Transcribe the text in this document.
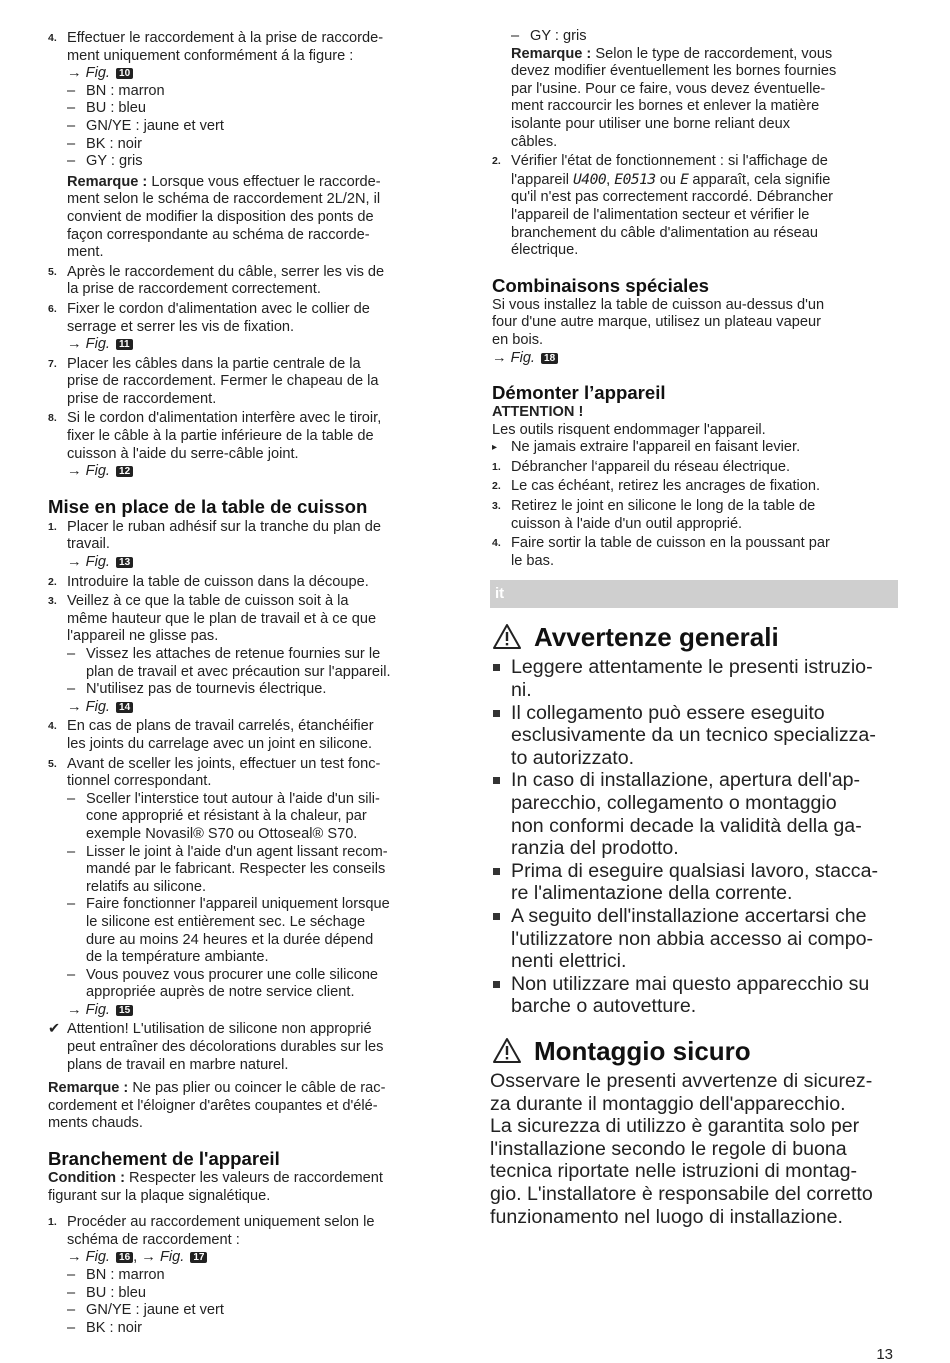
4. Effectuer le raccordement à la prise de raccorde-
ment uniquement conformément á la figure :
→ Fig. 10
– BN : marron
– BU : bleu
– GN/YE : jaune et vert
– BK : noir
– GY : gris
Remarque : Lorsque vous effectuer le raccorde-
ment selon le schéma de raccordement 2L/2N, il
convient de modifier la disposition des ponts de
façon correspondante au schéma de raccorde-
ment.
5. Après le raccordement du câble, serrer les vis de
la prise de raccordement correctement.
6. Fixer le cordon d'alimentation avec le collier de
serrage et serrer les vis de fixation.
→ Fig. 11
7. Placer les câbles dans la partie centrale de la
prise de raccordement. Fermer le chapeau de la
prise de raccordement.
8. Si le cordon d'alimentation interfère avec le tiroir,
fixer le câble à la partie inférieure de la table de
cuisson à l'aide du serre-câble joint.
→ Fig. 12
Mise en place de la table de cuisson
1. Placer le ruban adhésif sur la tranche du plan de
travail.
→ Fig. 13
2. Introduire la table de cuisson dans la découpe.
3. Veillez à ce que la table de cuisson soit à la
même hauteur que le plan de travail et à ce que
l'appareil ne glisse pas.
– Vissez les attaches de retenue fournies sur le
plan de travail et avec précaution sur l'appareil.
– N'utilisez pas de tournevis électrique.
→ Fig. 14
4. En cas de plans de travail carrelés, étanchéifier
les joints du carrelage avec un joint en silicone.
5. Avant de sceller les joints, effectuer un test fonc-
tionnel correspondant.
– Sceller l'interstice tout autour à l'aide d'un sili-
cone approprié et résistant à la chaleur, par
exemple Novasil® S70 ou Ottoseal® S70.
– Lisser le joint à l'aide d'un agent lissant recom-
mandé par le fabricant. Respecter les conseils
relatifs au silicone.
– Faire fonctionner l'appareil uniquement lorsque
le silicone est entièrement sec. Le séchage
dure au moins 24 heures et la durée dépend
de la température ambiante.
– Vous pouvez vous procurer une colle silicone
appropriée auprès de notre service client.
→ Fig. 15
✔ Attention! L'utilisation de silicone non approprié
peut entraîner des décolorations durables sur les
plans de travail en marbre naturel.
Remarque : Ne pas plier ou coincer le câble de rac-
cordement et l'éloigner d'arêtes coupantes et d'élé-
ments chauds.
Branchement de l'appareil
Condition : Respecter les valeurs de raccordement
figurant sur la plaque signalétique.
1. Procéder au raccordement uniquement selon le
schéma de raccordement :
→ Fig. 16 , → Fig. 17
– BN : marron
– BU : bleu
– GN/YE : jaune et vert
– BK : noir
– GY : gris
Remarque : Selon le type de raccordement, vous
devez modifier éventuellement les bornes fournies
par l'usine. Pour ce faire, vous devez éventuelle-
ment raccourcir les bornes et enlever la matière
isolante pour utiliser une borne reliant deux
câbles.
2. Vérifier l'état de fonctionnement : si l'affichage de
l'appareil U400, E0513 ou E apparaît, cela signifie
qu'il n'est pas correctement raccordé. Débrancher
l'appareil de l'alimentation secteur et vérifier le
branchement du câble d'alimentation au réseau
électrique.
Combinaisons spéciales
Si vous installez la table de cuisson au-dessus d'un
four d'une autre marque, utilisez un plateau vapeur
en bois.
→ Fig. 18
Démonter l’appareil
ATTENTION !
Les outils risquent endommager l'appareil.
▸ Ne jamais extraire l'appareil en faisant levier.
1. Débrancher l‘appareil du réseau électrique.
2. Le cas échéant, retirez les ancrages de fixation.
3. Retirez le joint en silicone le long de la table de
cuisson à l'aide d'un outil approprié.
4. Faire sortir la table de cuisson en la poussant par
le bas.
it
Avvertenze generali
Leggere attentamente le presenti istruzio-
ni.
Il collegamento può essere eseguito
esclusivamente da un tecnico specializza-
to autorizzato.
In caso di installazione, apertura dell'ap-
parecchio, collegamento o montaggio
non conformi decade la validità della ga-
ranzia del prodotto.
Prima di eseguire qualsiasi lavoro, stacca-
re l'alimentazione della corrente.
A seguito dell'installazione accertarsi che
l'utilizzatore non abbia accesso ai compo-
nenti elettrici.
Non utilizzare mai questo apparecchio su
barche o autovetture.
Montaggio sicuro
Osservare le presenti avvertenze di sicurez-
za durante il montaggio dell'apparecchio.
La sicurezza di utilizzo è garantita solo per
l'installazione secondo le regole di buona
tecnica riportate nelle istruzioni di montag-
gio. L'installatore è responsabile del corretto
funzionamento nel luogo di installazione.
13
